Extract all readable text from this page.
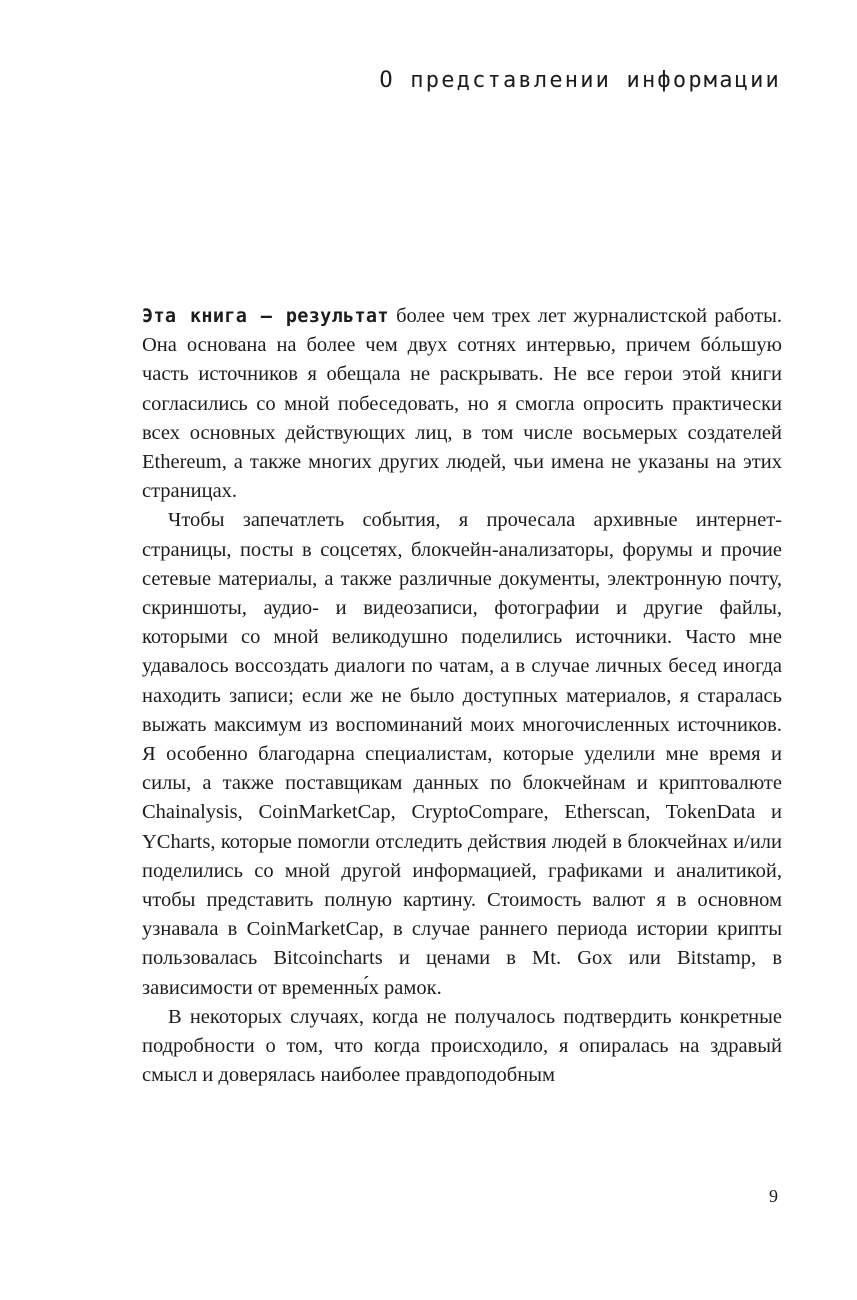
О представлении информации

Эта книга — результат более чем трех лет журналистской работы. Она основана на более чем двух сотнях интервью, причем бóльшую часть источников я обещала не раскрывать. Не все герои этой книги согласились со мной побеседовать, но я смогла опросить практически всех основных действующих лиц, в том числе восьмерых создателей Ethereum, а также многих других людей, чьи имена не указаны на этих страницах.

Чтобы запечатлеть события, я прочесала архивные интернет-страницы, посты в соцсетях, блокчейн-анализаторы, форумы и прочие сетевые материалы, а также различные документы, электронную почту, скриншоты, аудио- и видеозаписи, фотографии и другие файлы, которыми со мной великодушно поделились источники. Часто мне удавалось воссоздать диалоги по чатам, а в случае личных бесед иногда находить записи; если же не было доступных материалов, я старалась выжать максимум из воспоминаний моих многочисленных источников. Я особенно благодарна специалистам, которые уделили мне время и силы, а также поставщикам данных по блокчейнам и криптовалюте Chainalysis, CoinMarketCap, CryptoCompare, Etherscan, TokenData и YCharts, которые помогли отследить действия людей в блокчейнах и/или поделились со мной другой информацией, графиками и аналитикой, чтобы представить полную картину. Стоимость валют я в основном узнавала в CoinMarketCap, в случае раннего периода истории крипты пользовалась Bitcoincharts и ценами в Mt. Gox или Bitstamp, в зависимости от временны́х рамок.

В некоторых случаях, когда не получалось подтвердить конкретные подробности о том, что когда происходило, я опиралась на здравый смысл и доверялась наиболее правдоподобным

9
